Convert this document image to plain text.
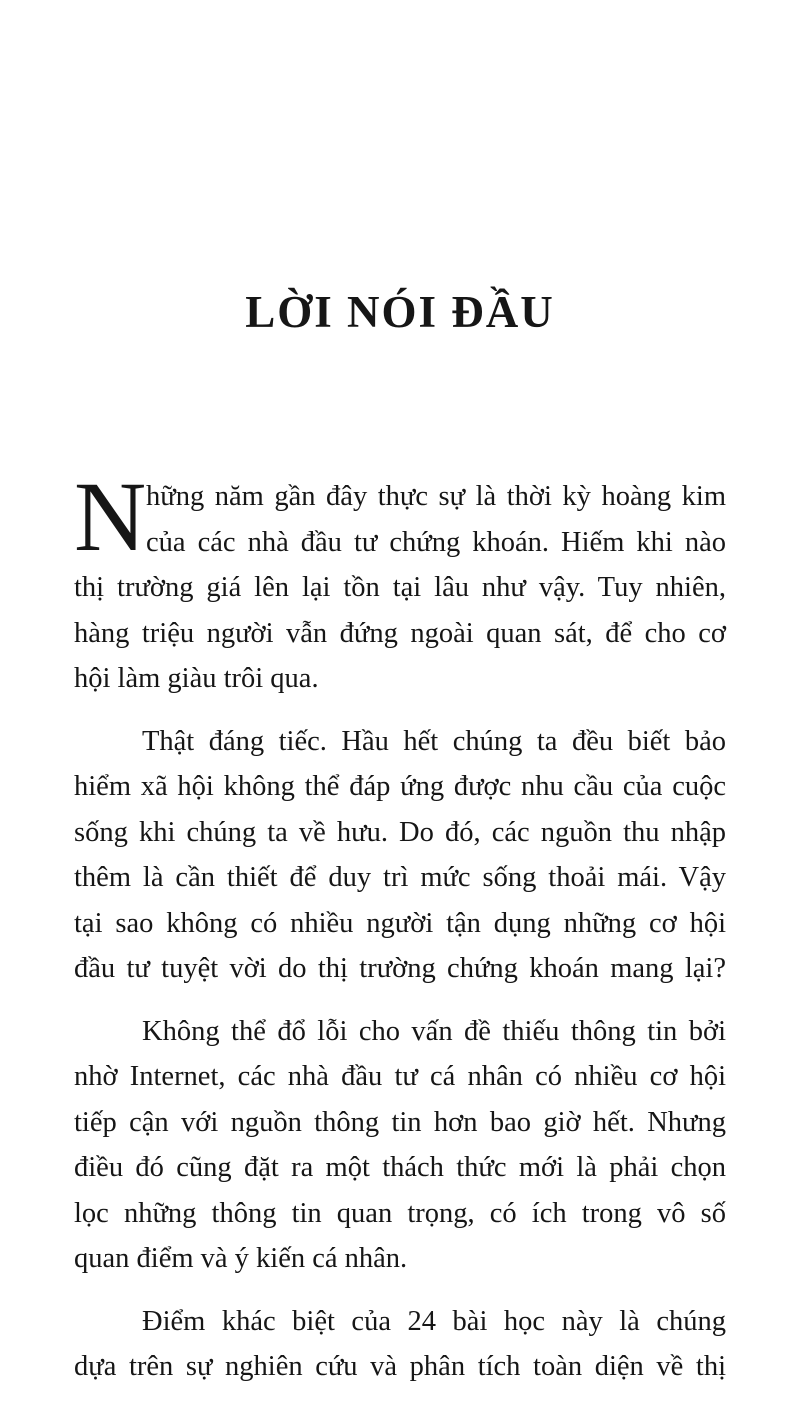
LỜI NÓI ĐẦU
N hững năm gần đây thực sự là thời kỳ hoàng kim
của các nhà đầu tư chứng khoán. Hiếm khi nào
thị trường giá lên lại tồn tại lâu như vậy. Tuy nhiên,
hàng triệu người vẫn đứng ngoài quan sát, để cho cơ
hội làm giàu trôi qua.
Thật đáng tiếc. Hầu hết chúng ta đều biết bảo
hiểm xã hội không thể đáp ứng được nhu cầu của cuộc
sống khi chúng ta về hưu. Do đó, các nguồn thu nhập
thêm là cần thiết để duy trì mức sống thoải mái. Vậy
tại sao không có nhiều người tận dụng những cơ hội
đầu tư tuyệt vời do thị trường chứng khoán mang lại?
Không thể đổ lỗi cho vấn đề thiếu thông tin bởi
nhờ Internet, các nhà đầu tư cá nhân có nhiều cơ hội
tiếp cận với nguồn thông tin hơn bao giờ hết. Nhưng
điều đó cũng đặt ra một thách thức mới là phải chọn
lọc những thông tin quan trọng, có ích trong vô số
quan điểm và ý kiến cá nhân.
Điểm khác biệt của 24 bài học này là chúng
dựa trên sự nghiên cứu và phân tích toàn diện về thị
